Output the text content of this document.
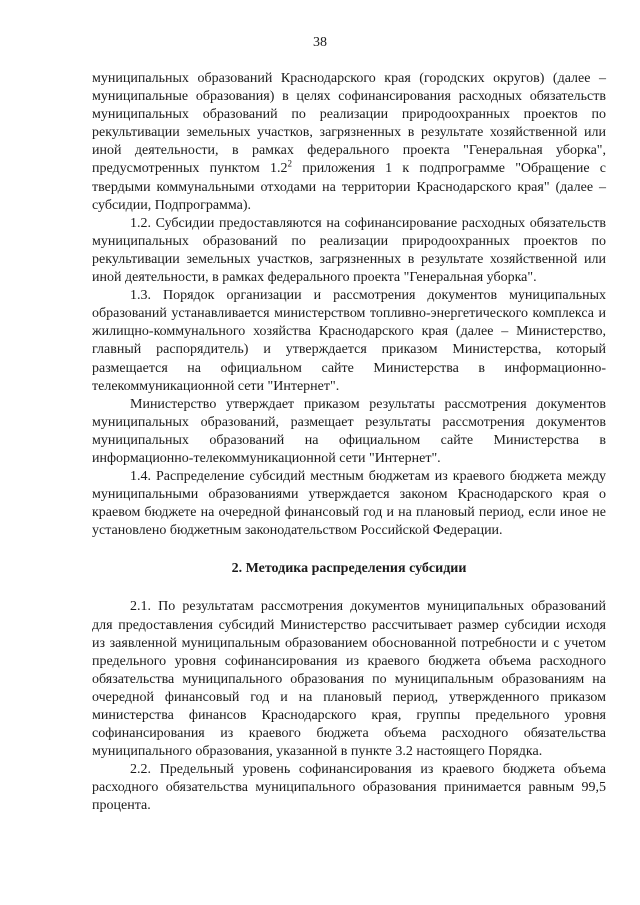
38

муниципальных образований Краснодарского края (городских округов) (далее – муниципальные образования) в целях софинансирования расходных обязательств муниципальных образований по реализации природоохранных проектов по рекультивации земельных участков, загрязненных в результате хозяйственной или иной деятельности, в рамках федерального проекта "Генеральная уборка", предусмотренных пунктом $1.2^2$ приложения 1 к подпрограмме "Обращение с твердыми коммунальными отходами на территории Краснодарского края" (далее – субсидии, Подпрограмма).

1.2. Субсидии предоставляются на софинансирование расходных обязательств муниципальных образований по реализации природоохранных проектов по рекультивации земельных участков, загрязненных в результате хозяйственной или иной деятельности, в рамках федерального проекта "Генеральная уборка".

1.3. Порядок организации и рассмотрения документов муниципальных образований устанавливается министерством топливно-энергетического комплекса и жилищно-коммунального хозяйства Краснодарского края (далее – Министерство, главный распорядитель) и утверждается приказом Министерства, который размещается на официальном сайте Министерства в информационно-телекоммуникационной сети "Интернет".

Министерство утверждает приказом результаты рассмотрения документов муниципальных образований, размещает результаты рассмотрения документов муниципальных образований на официальном сайте Министерства в информационно-телекоммуникационной сети "Интернет".

1.4. Распределение субсидий местным бюджетам из краевого бюджета между муниципальными образованиями утверждается законом Краснодарского края о краевом бюджете на очередной финансовый год и на плановый период, если иное не установлено бюджетным законодательством Российской Федерации.

2. Методика распределения субсидии

2.1. По результатам рассмотрения документов муниципальных образований для предоставления субсидий Министерство рассчитывает размер субсидии исходя из заявленной муниципальным образованием обоснованной потребности и с учетом предельного уровня софинансирования из краевого бюджета объема расходного обязательства муниципального образования по муниципальным образованиям на очередной финансовый год и на плановый период, утвержденного приказом министерства финансов Краснодарского края, группы предельного уровня софинансирования из краевого бюджета объема расходного обязательства муниципального образования, указанной в пункте 3.2 настоящего Порядка.

2.2. Предельный уровень софинансирования из краевого бюджета объема расходного обязательства муниципального образования принимается равным 99,5 процента.
